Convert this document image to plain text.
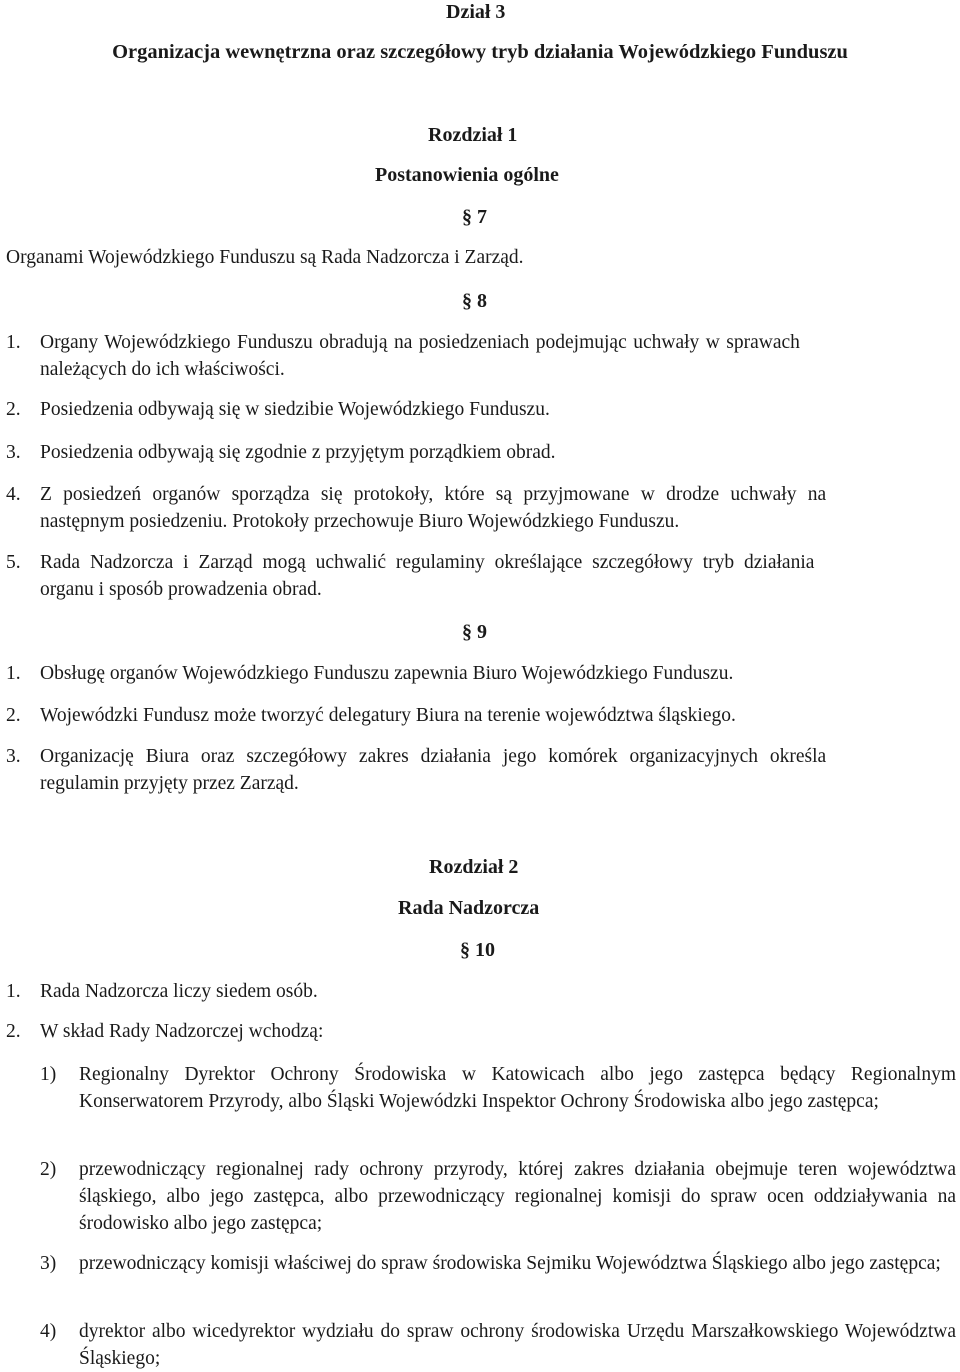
Dział 3
Organizacja wewnętrzna oraz szczegółowy tryb działania Wojewódzkiego Funduszu
Rozdział 1
Postanowienia ogólne
§ 7
Organami Wojewódzkiego Funduszu są Rada Nadzorcza i Zarząd.
§ 8
1. Organy Wojewódzkiego Funduszu obradują na posiedzeniach podejmując uchwały w sprawach
należących do ich właściwości.
2. Posiedzenia odbywają się w siedzibie Wojewódzkiego Funduszu.
3. Posiedzenia odbywają się zgodnie z przyjętym porządkiem obrad.
4. Z posiedzeń organów sporządza się protokoły, które są przyjmowane w drodze uchwały na
następnym posiedzeniu. Protokoły przechowuje Biuro Wojewódzkiego Funduszu.
5. Rada Nadzorcza i Zarząd mogą uchwalić regulaminy określające szczegółowy tryb działania
organu i sposób prowadzenia obrad.
§ 9
1. Obsługę organów Wojewódzkiego Funduszu zapewnia Biuro Wojewódzkiego Funduszu.
2. Wojewódzki Fundusz może tworzyć delegatury Biura na terenie województwa śląskiego.
3. Organizację Biura oraz szczegółowy zakres działania jego komórek organizacyjnych określa
regulamin przyjęty przez Zarząd.
Rozdział 2
Rada Nadzorcza
§ 10
1. Rada Nadzorcza liczy siedem osób.
2. W skład Rady Nadzorczej wchodzą:
1) Regionalny Dyrektor Ochrony Środowiska w Katowicach albo jego zastępca będący Regionalnym Konserwatorem Przyrody, albo Śląski Wojewódzki Inspektor Ochrony Środowiska albo jego zastępca;
2) przewodniczący regionalnej rady ochrony przyrody, której zakres działania obejmuje teren województwa śląskiego, albo jego zastępca, albo przewodniczący regionalnej komisji do spraw ocen oddziaływania na środowisko albo jego zastępca;
3) przewodniczący komisji właściwej do spraw środowiska Sejmiku Województwa Śląskiego albo jego zastępca;
4) dyrektor albo wicedyrektor wydziału do spraw ochrony środowiska Urzędu Marszałkowskiego Województwa Śląskiego;
